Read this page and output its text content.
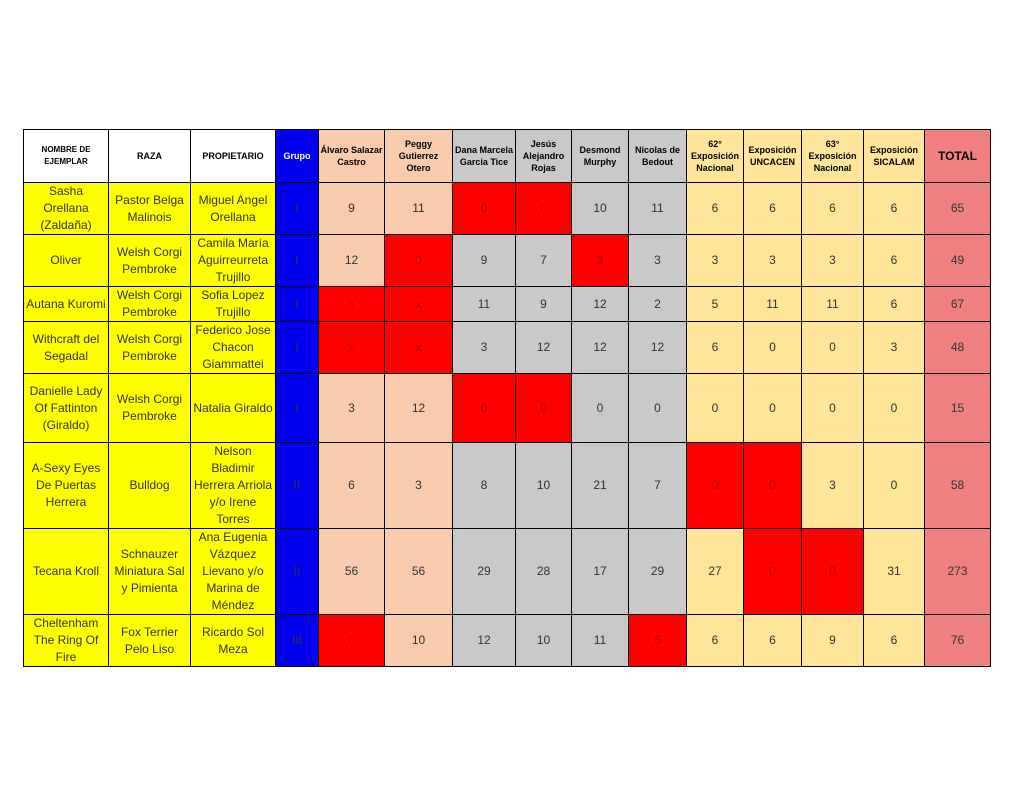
NOMBRE DE EJEMPLAR	RAZA	PROPIETARIO	Grupo	Álvaro Salazar Castro	Peggy Gutierrez Otero	Dana Marcela Garcia Tice	Jesús Alejandro Rojas	Desmond Murphy	Nicolas de Bedout	62° Exposición Nacional	Exposición UNCACEN	63° Exposición Nacional	Exposición SICALAM	TOTAL
Sasha Orellana (Zaldaña)	Pastor Belga Malinois	Miguel Angel Orellana	I	9	11	0	0	10	11	6	6	6	6	65
Oliver	Welsh Corgi Pembroke	Camila María Aguirreurreta Trujillo	I	12	0	9	7	3	3	3	3	3	6	49
Autana Kuromi	Welsh Corgi Pembroke	Sofia Lopez Trujillo	I	x	x	11	9	12	2	5	11	11	6	67
Withcraft del Segadal	Welsh Corgi Pembroke	Federico Jose Chacon Giammattei	I	x	x	3	12	12	12	6	0	0	3	48
Danielle Lady Of Fattinton (Giraldo)	Welsh Corgi Pembroke	Natalia Giraldo	I	3	12	0	0	0	0	0	0	0	0	15
A-Sexy Eyes De Puertas Herrera	Bulldog	Nelson Bladimir Herrera Arriola y/o Irene Torres	II	6	3	8	10	21	7	0	0	3	0	58
Tecana Kroll	Schnauzer Miniatura Sal y Pimienta	Ana Eugenia Vázquez Lievano y/o Marina de Méndez	II	56	56	29	28	17	29	27	0	0	31	273
Cheltenham The Ring Of Fire	Fox Terrier Pelo Liso	Ricardo Sol Meza	III	0	10	12	10	11	6	6	6	9	6	76
